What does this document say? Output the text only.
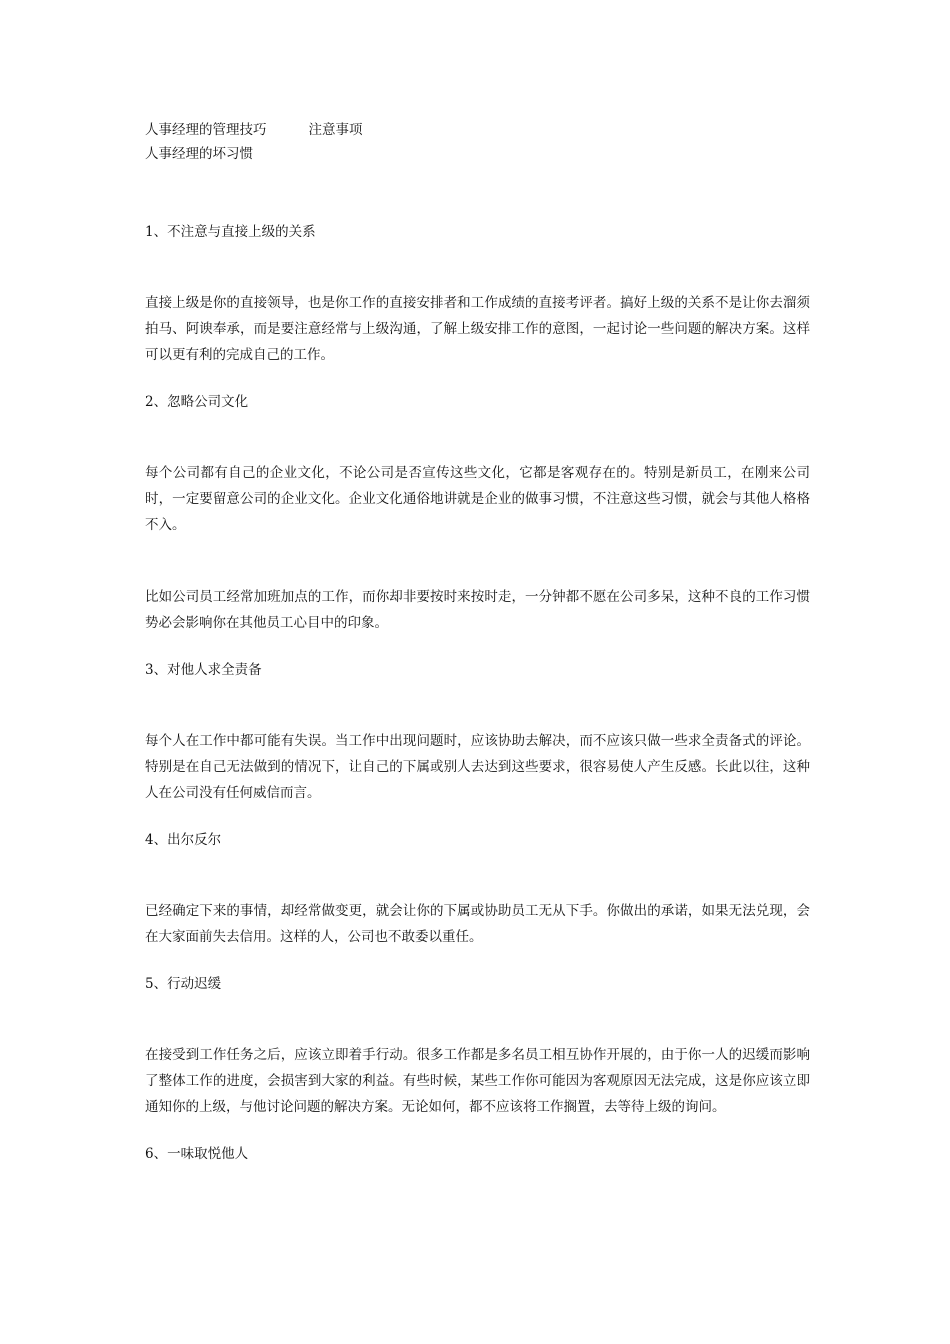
人事经理的管理技巧	注意事项
人事经理的坏习惯
1、不注意与直接上级的关系
直接上级是你的直接领导，也是你工作的直接安排者和工作成绩的直接考评者。搞好上级的关系不是让你去溜须拍马、阿谀奉承，而是要注意经常与上级沟通，了解上级安排工作的意图，一起讨论一些问题的解决方案。这样可以更有利的完成自己的工作。
2、忽略公司文化
每个公司都有自己的企业文化，不论公司是否宣传这些文化，它都是客观存在的。特别是新员工，在刚来公司时，一定要留意公司的企业文化。企业文化通俗地讲就是企业的做事习惯，不注意这些习惯，就会与其他人格格不入。
比如公司员工经常加班加点的工作，而你却非要按时来按时走，一分钟都不愿在公司多呆，这种不良的工作习惯势必会影响你在其他员工心目中的印象。
3、对他人求全责备
每个人在工作中都可能有失误。当工作中出现问题时，应该协助去解决，而不应该只做一些求全责备式的评论。特别是在自己无法做到的情况下，让自己的下属或别人去达到这些要求，很容易使人产生反感。长此以往，这种人在公司没有任何威信而言。
4、出尔反尔
已经确定下来的事情，却经常做变更，就会让你的下属或协助员工无从下手。你做出的承诺，如果无法兑现，会在大家面前失去信用。这样的人，公司也不敢委以重任。
5、行动迟缓
在接受到工作任务之后，应该立即着手行动。很多工作都是多名员工相互协作开展的，由于你一人的迟缓而影响了整体工作的进度，会损害到大家的利益。有些时候，某些工作你可能因为客观原因无法完成，这是你应该立即通知你的上级，与他讨论问题的解决方案。无论如何，都不应该将工作搁置，去等待上级的询问。
6、一味取悦他人
